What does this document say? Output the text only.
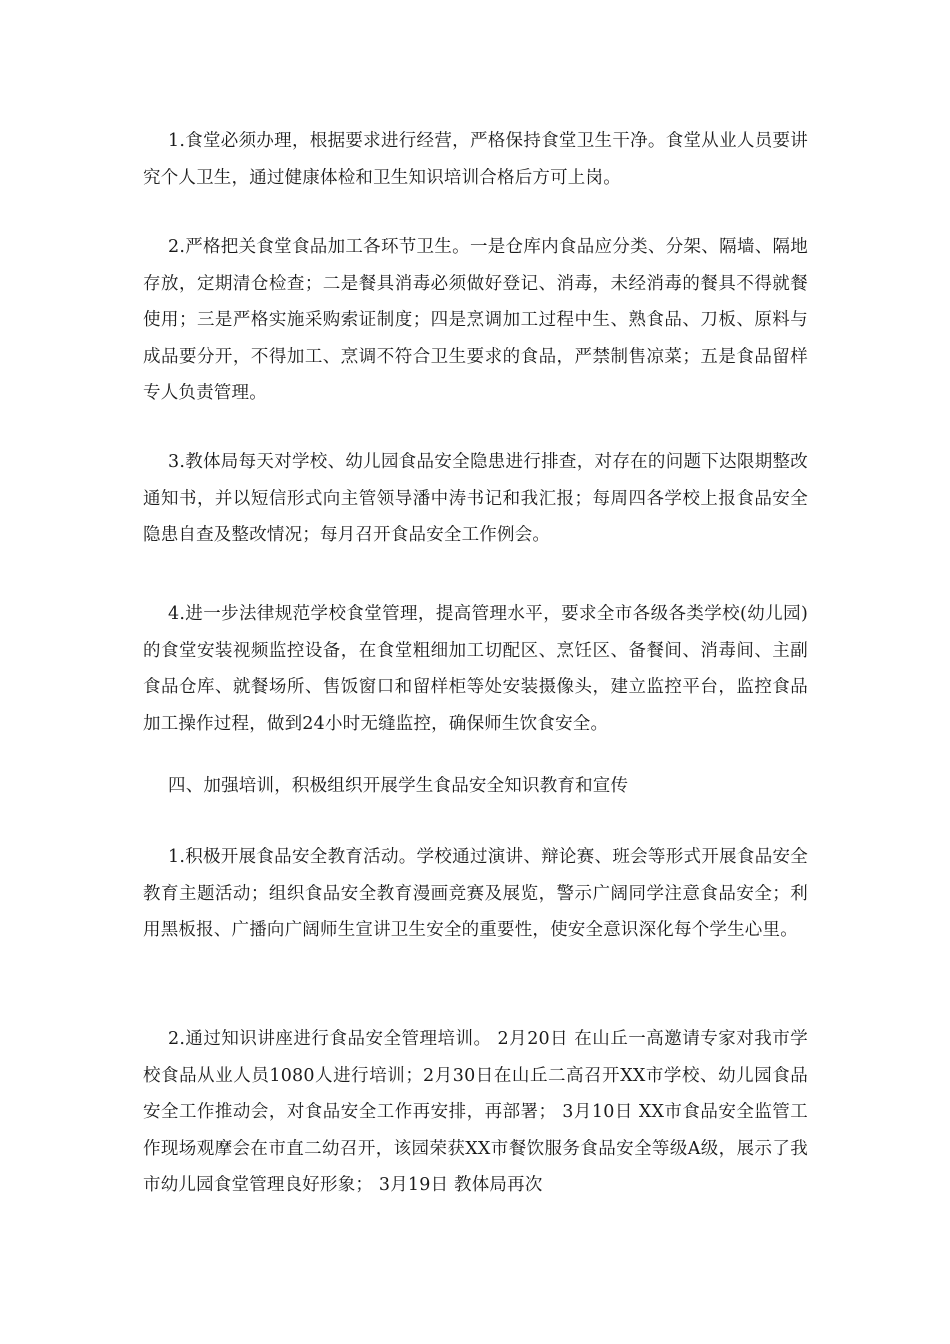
1.食堂必须办理，根据要求进行经营，严格保持食堂卫生干净。食堂从业人员要讲究个人卫生，通过健康体检和卫生知识培训合格后方可上岗。

2.严格把关食堂食品加工各环节卫生。一是仓库内食品应分类、分架、隔墙、隔地存放，定期清仓检查；二是餐具消毒必须做好登记、消毒，未经消毒的餐具不得就餐使用；三是严格实施采购索证制度；四是烹调加工过程中生、熟食品、刀板、原料与成品要分开，不得加工、烹调不符合卫生要求的食品，严禁制售凉菜；五是食品留样专人负责管理。

3.教体局每天对学校、幼儿园食品安全隐患进行排查，对存在的问题下达限期整改通知书，并以短信形式向主管领导潘中涛书记和我汇报；每周四各学校上报食品安全隐患自查及整改情况；每月召开食品安全工作例会。

4.进一步法律规范学校食堂管理，提高管理水平，要求全市各级各类学校(幼儿园)的食堂安装视频监控设备，在食堂粗细加工切配区、烹饪区、备餐间、消毒间、主副食品仓库、就餐场所、售饭窗口和留样柜等处安装摄像头，建立监控平台，监控食品加工操作过程，做到24小时无缝监控，确保师生饮食安全。

四、加强培训，积极组织开展学生食品安全知识教育和宣传

1.积极开展食品安全教育活动。学校通过演讲、辩论赛、班会等形式开展食品安全教育主题活动；组织食品安全教育漫画竞赛及展览，警示广阔同学注意食品安全；利用黑板报、广播向广阔师生宣讲卫生安全的重要性，使安全意识深化每个学生心里。

2.通过知识讲座进行食品安全管理培训。 2月20日 在山丘一高邀请专家对我市学校食品从业人员1080人进行培训；2月30日在山丘二高召开XX市学校、幼儿园食品安全工作推动会，对食品安全工作再安排，再部署； 3月10日 XX市食品安全监管工作现场观摩会在市直二幼召开，该园荣获XX市餐饮服务食品安全等级A级，展示了我市幼儿园食堂管理良好形象； 3月19日 教体局再次
